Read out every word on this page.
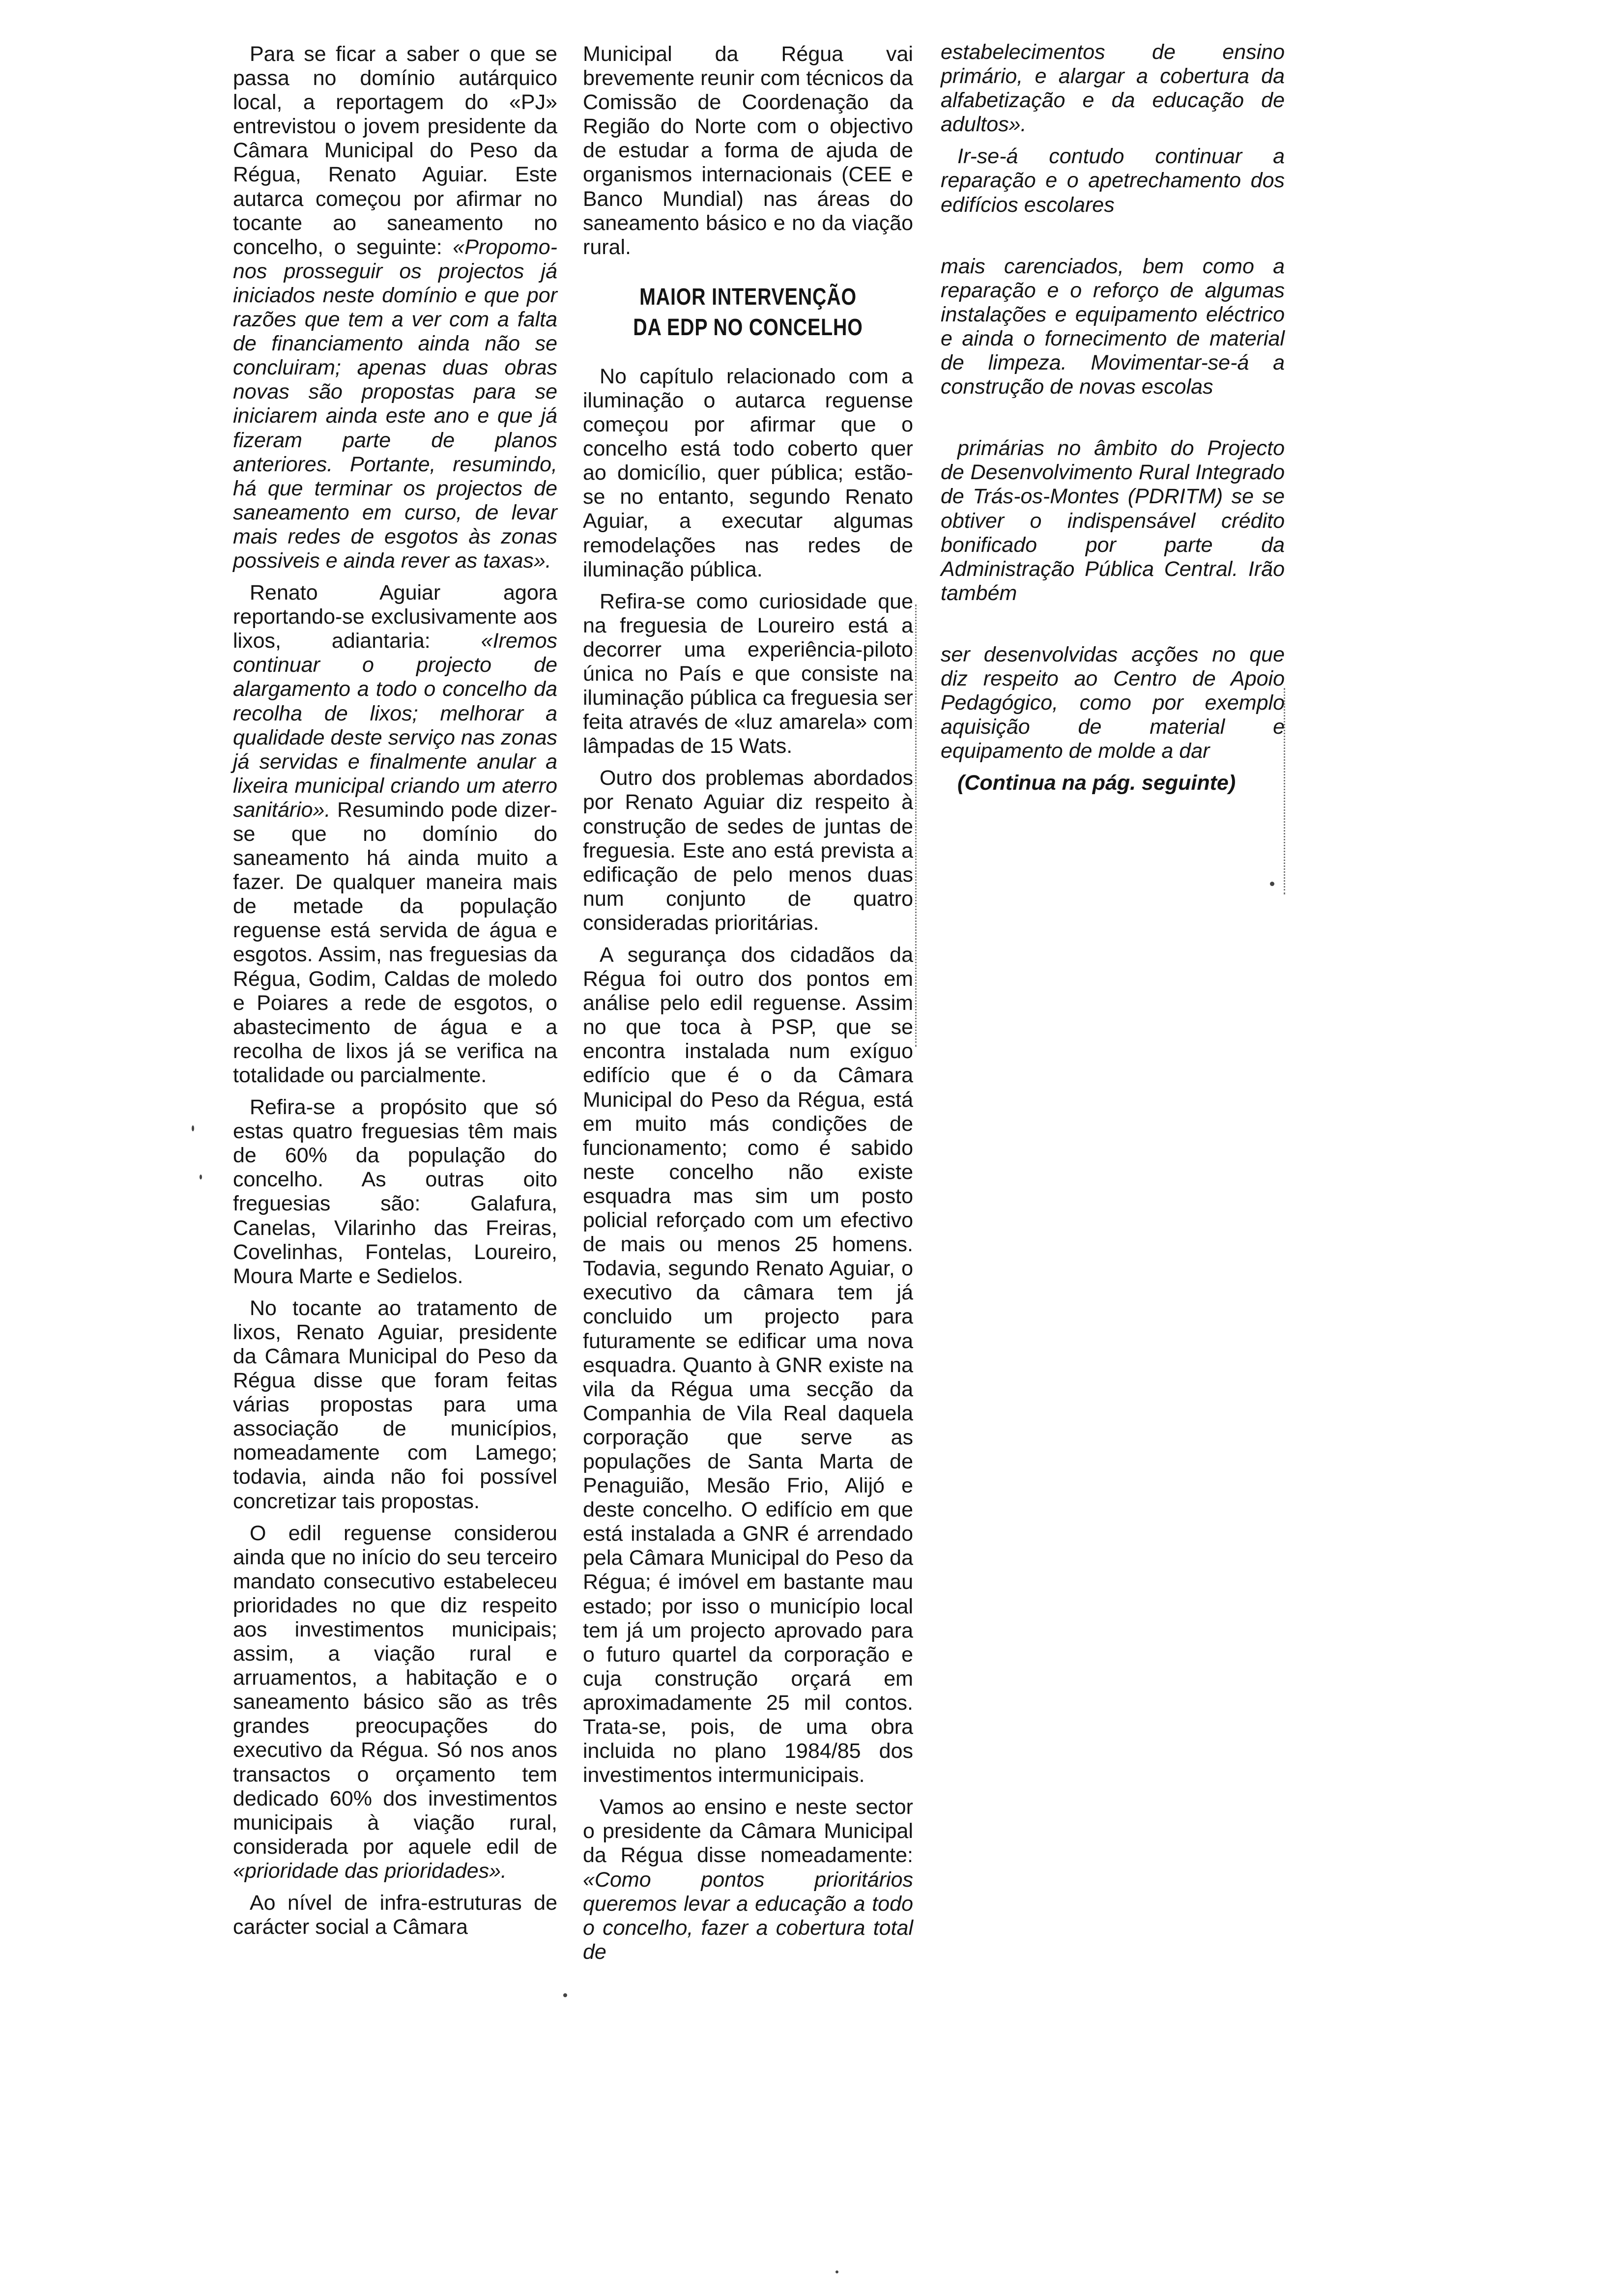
Para se ficar a saber o que se passa no domínio autárquico local, a reportagem do «PJ» entrevistou o jovem presidente da Câmara Municipal do Peso da Régua, Renato Aguiar. Este autarca começou por afirmar no tocante ao saneamento no concelho, o seguinte: «Propomo-nos prosseguir os projectos já iniciados neste domínio e que por razões que tem a ver com a falta de financiamento ainda não se concluiram; apenas duas obras novas são propostas para se iniciarem ainda este ano e que já fizeram parte de planos anteriores. Portante, resumindo, há que terminar os projectos de saneamento em curso, de levar mais redes de esgotos às zonas possiveis e ainda rever as taxas».

Renato Aguiar agora reportando-se exclusivamente aos lixos, adiantaria: «Iremos continuar o projecto de alargamento a todo o concelho da recolha de lixos; melhorar a qualidade deste serviço nas zonas já servidas e finalmente anular a lixeira municipal criando um aterro sanitário». Resumindo pode dizer-se que no domínio do saneamento há ainda muito a fazer. De qualquer maneira mais de metade da população reguense está servida de água e esgotos. Assim, nas freguesias da Régua, Godim, Caldas de moledo e Poiares a rede de esgotos, o abastecimento de água e a recolha de lixos já se verifica na totalidade ou parcialmente.

Refira-se a propósito que só estas quatro freguesias têm mais de 60% da população do concelho. As outras oito freguesias são: Galafura, Canelas, Vilarinho das Freiras, Covelinhas, Fontelas, Loureiro, Moura Marte e Sedielos.

No tocante ao tratamento de lixos, Renato Aguiar, presidente da Câmara Municipal do Peso da Régua disse que foram feitas várias propostas para uma associação de municípios, nomeadamente com Lamego; todavia, ainda não foi possível concretizar tais propostas.

O edil reguense considerou ainda que no início do seu terceiro mandato consecutivo estabeleceu prioridades no que diz respeito aos investimentos municipais; assim, a viação rural e arruamentos, a habitação e o saneamento básico são as três grandes preocupações do executivo da Régua. Só nos anos transactos o orçamento tem dedicado 60% dos investimentos municipais à viação rural, considerada por aquele edil de «prioridade das prioridades».

Ao nível de infra-estruturas de carácter social a Câmara

Municipal da Régua vai brevemente reunir com técnicos da Comissão de Coordenação da Região do Norte com o objectivo de estudar a forma de ajuda de organismos internacionais (CEE e Banco Mundial) nas áreas do saneamento básico e no da viação rural.

MAIOR INTERVENÇÃO
DA EDP NO CONCELHO

No capítulo relacionado com a iluminação o autarca reguense começou por afirmar que o concelho está todo coberto quer ao domicílio, quer pública; estão-se no entanto, segundo Renato Aguiar, a executar algumas remodelações nas redes de iluminação pública.

Refira-se como curiosidade que na freguesia de Loureiro está a decorrer uma experiência-piloto única no País e que consiste na iluminação pública ca freguesia ser feita através de «luz amarela» com lâmpadas de 15 Wats.

Outro dos problemas abordados por Renato Aguiar diz respeito à construção de sedes de juntas de freguesia. Este ano está prevista a edificação de pelo menos duas num conjunto de quatro consideradas prioritárias.

A segurança dos cidadãos da Régua foi outro dos pontos em análise pelo edil reguense. Assim no que toca à PSP, que se encontra instalada num exíguo edifício que é o da Câmara Municipal do Peso da Régua, está em muito más condições de funcionamento; como é sabido neste concelho não existe esquadra mas sim um posto policial reforçado com um efectivo de mais ou menos 25 homens. Todavia, segundo Renato Aguiar, o executivo da câmara tem já concluido um projecto para futuramente se edificar uma nova esquadra. Quanto à GNR existe na vila da Régua uma secção da Companhia de Vila Real daquela corporação que serve as populações de Santa Marta de Penaguião, Mesão Frio, Alijó e deste concelho. O edifício em que está instalada a GNR é arrendado pela Câmara Municipal do Peso da Régua; é imóvel em bastante mau estado; por isso o município local tem já um projecto aprovado para o futuro quartel da corporação e cuja construção orçará em aproximadamente 25 mil contos. Trata-se, pois, de uma obra incluida no plano 1984/85 dos investimentos intermunicipais.

Vamos ao ensino e neste sector o presidente da Câmara Municipal da Régua disse nomeadamente: «Como pontos prioritários queremos levar a educação a todo o concelho, fazer a cobertura total de

estabelecimentos de ensino primário, e alargar a cobertura da alfabetização e da educação de adultos».

Ir-se-á contudo continuar a reparação e o apetrechamento dos edifícios escolares

mais carenciados, bem como a reparação e o reforço de algumas instalações e equipamento eléctrico e ainda o fornecimento de material de limpeza. Movimentar-se-á a construção de novas escolas

primárias no âmbito do Projecto de Desenvolvimento Rural Integrado de Trás-os-Montes (PDRITM) se se obtiver o indispensável crédito bonificado por parte da Administração Pública Central. Irão também

ser desenvolvidas acções no que diz respeito ao Centro de Apoio Pedagógico, como por exemplo aquisição de material e equipamento de molde a dar

(Continua na pág. seguinte)
